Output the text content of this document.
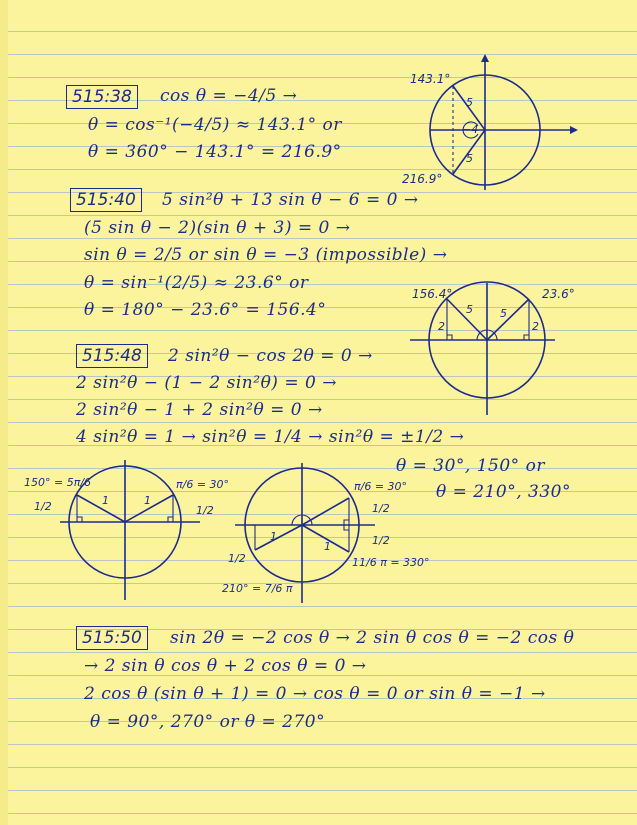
515:38	cos θ = −4/5 →
θ = cos⁻¹(−4/5) ≈ 143.1° or
θ = 360° − 143.1° = 216.9°
143.1°
216.9°
5
5
−4
515:40	5 sin²θ + 13 sin θ − 6 = 0 →
(5 sin θ − 2)(sin θ + 3) = 0 →
sin θ = 2/5 or sin θ = −3 (impossible) →
θ = sin⁻¹(2/5) ≈ 23.6° or
θ = 180° − 23.6° = 156.4°
156.4°	23.6°
5 5
2	2
515:48	2 sin²θ − cos 2θ = 0 →
2 sin²θ − (1 − 2 sin²θ) = 0 →
2 sin²θ − 1 + 2 sin²θ = 0 →
4 sin²θ = 1 → sin²θ = 1/4 → sin²θ = ±1/2 →
θ = 30°, 150° or
θ = 210°, 330°
150° = 5π/6	π/6 = 30°
1/2	1/2
1	1
π/6 = 30°
1/2
1/2
11/6 π = 330°
1/2
210° = 7/6 π
1
1
515:50	sin 2θ = −2 cos θ → 2 sin θ cos θ = −2 cos θ
→ 2 sin θ cos θ + 2 cos θ = 0 →
2 cos θ (sin θ + 1) = 0 → cos θ = 0 or sin θ = −1 →
θ = 90°, 270° or θ = 270°
